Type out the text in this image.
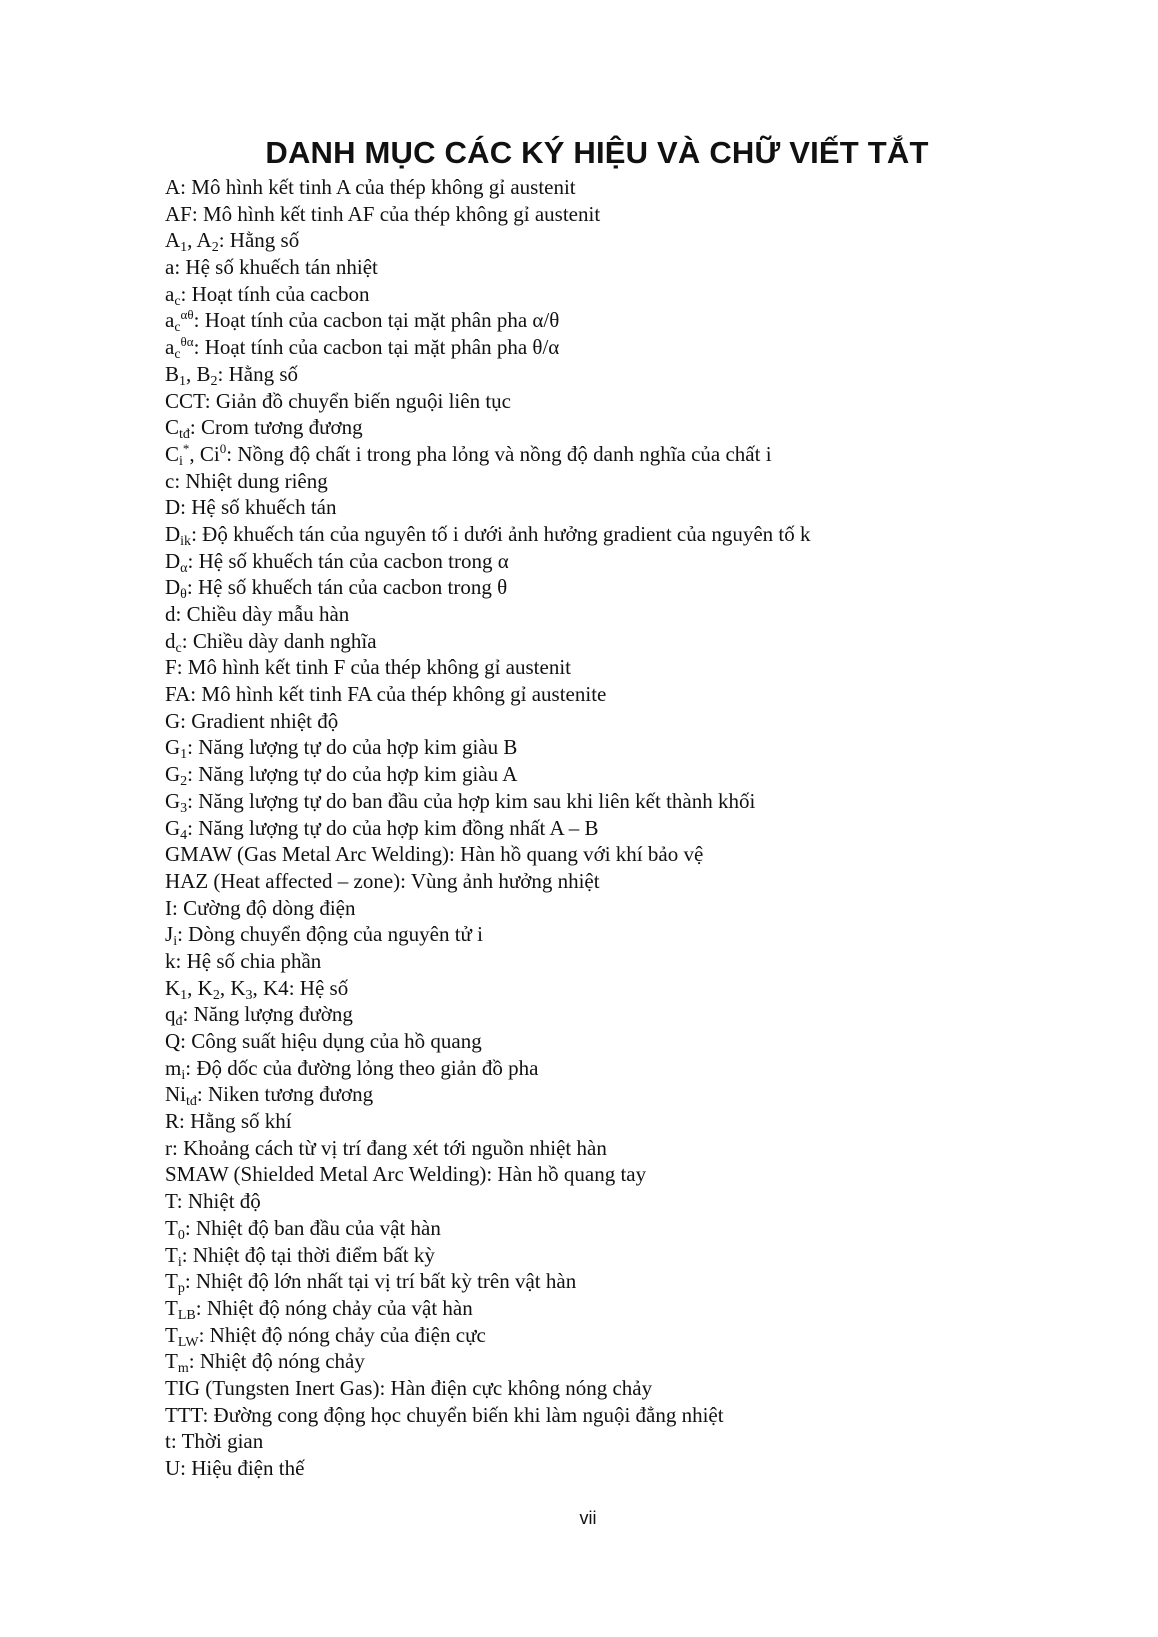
DANH MỤC CÁC KÝ HIỆU VÀ CHỮ VIẾT TẮT
A: Mô hình kết tinh A của thép không gỉ austenit
AF: Mô hình kết tinh AF của thép không gỉ austenit
$A_1$, $A_2$: Hằng số
a: Hệ số khuếch tán nhiệt
$a_c$: Hoạt tính của cacbon
$a_c^{\alpha\theta}$: Hoạt tính của cacbon tại mặt phân pha α/θ
$a_c^{\theta\alpha}$: Hoạt tính của cacbon tại mặt phân pha θ/α
$B_1$, $B_2$: Hằng số
CCT: Giản đồ chuyển biến nguội liên tục
$C_{tđ}$: Crom tương đương
$C_i^*$, Ci$^0$: Nồng độ chất i trong pha lỏng và nồng độ danh nghĩa của chất i
c: Nhiệt dung riêng
D: Hệ số khuếch tán
$D_{ik}$: Độ khuếch tán của nguyên tố i dưới ảnh hưởng gradient của nguyên tố k
$D_\alpha$: Hệ số khuếch tán của cacbon trong α
$D_\theta$: Hệ số khuếch tán của cacbon trong θ
d: Chiều dày mẫu hàn
$d_c$: Chiều dày danh nghĩa
F: Mô hình kết tinh F của thép không gỉ austenit
FA: Mô hình kết tinh FA của thép không gỉ austenite
G: Gradient nhiệt độ
$G_1$: Năng lượng tự do của hợp kim giàu B
$G_2$: Năng lượng tự do của hợp kim giàu A
$G_3$: Năng lượng tự do ban đầu của hợp kim sau khi liên kết thành khối
$G_4$: Năng lượng tự do của hợp kim đồng nhất A – B
GMAW (Gas Metal Arc Welding): Hàn hồ quang với khí bảo vệ
HAZ (Heat affected – zone): Vùng ảnh hưởng nhiệt
I: Cường độ dòng điện
$J_i$: Dòng chuyển động của nguyên tử i
k: Hệ số chia phần
$K_1$, $K_2$, $K_3$, K4: Hệ số
$q_đ$: Năng lượng đường
Q: Công suất hiệu dụng của hồ quang
$m_i$: Độ dốc của đường lỏng theo giản đồ pha
$Ni_{tđ}$: Niken tương đương
R: Hằng số khí
r: Khoảng cách từ vị trí đang xét tới nguồn nhiệt hàn
SMAW (Shielded Metal Arc Welding): Hàn hồ quang tay
T: Nhiệt độ
$T_0$: Nhiệt độ ban đầu của vật hàn
$T_i$: Nhiệt độ tại thời điểm bất kỳ
$T_p$: Nhiệt độ lớn nhất tại vị trí bất kỳ trên vật hàn
$T_{LB}$: Nhiệt độ nóng chảy của vật hàn
$T_{LW}$: Nhiệt độ nóng chảy của điện cực
$T_m$: Nhiệt độ nóng chảy
TIG (Tungsten Inert Gas): Hàn điện cực không nóng chảy
TTT: Đường cong động học chuyển biến khi làm nguội đẳng nhiệt
t: Thời gian
U: Hiệu điện thế
vii
